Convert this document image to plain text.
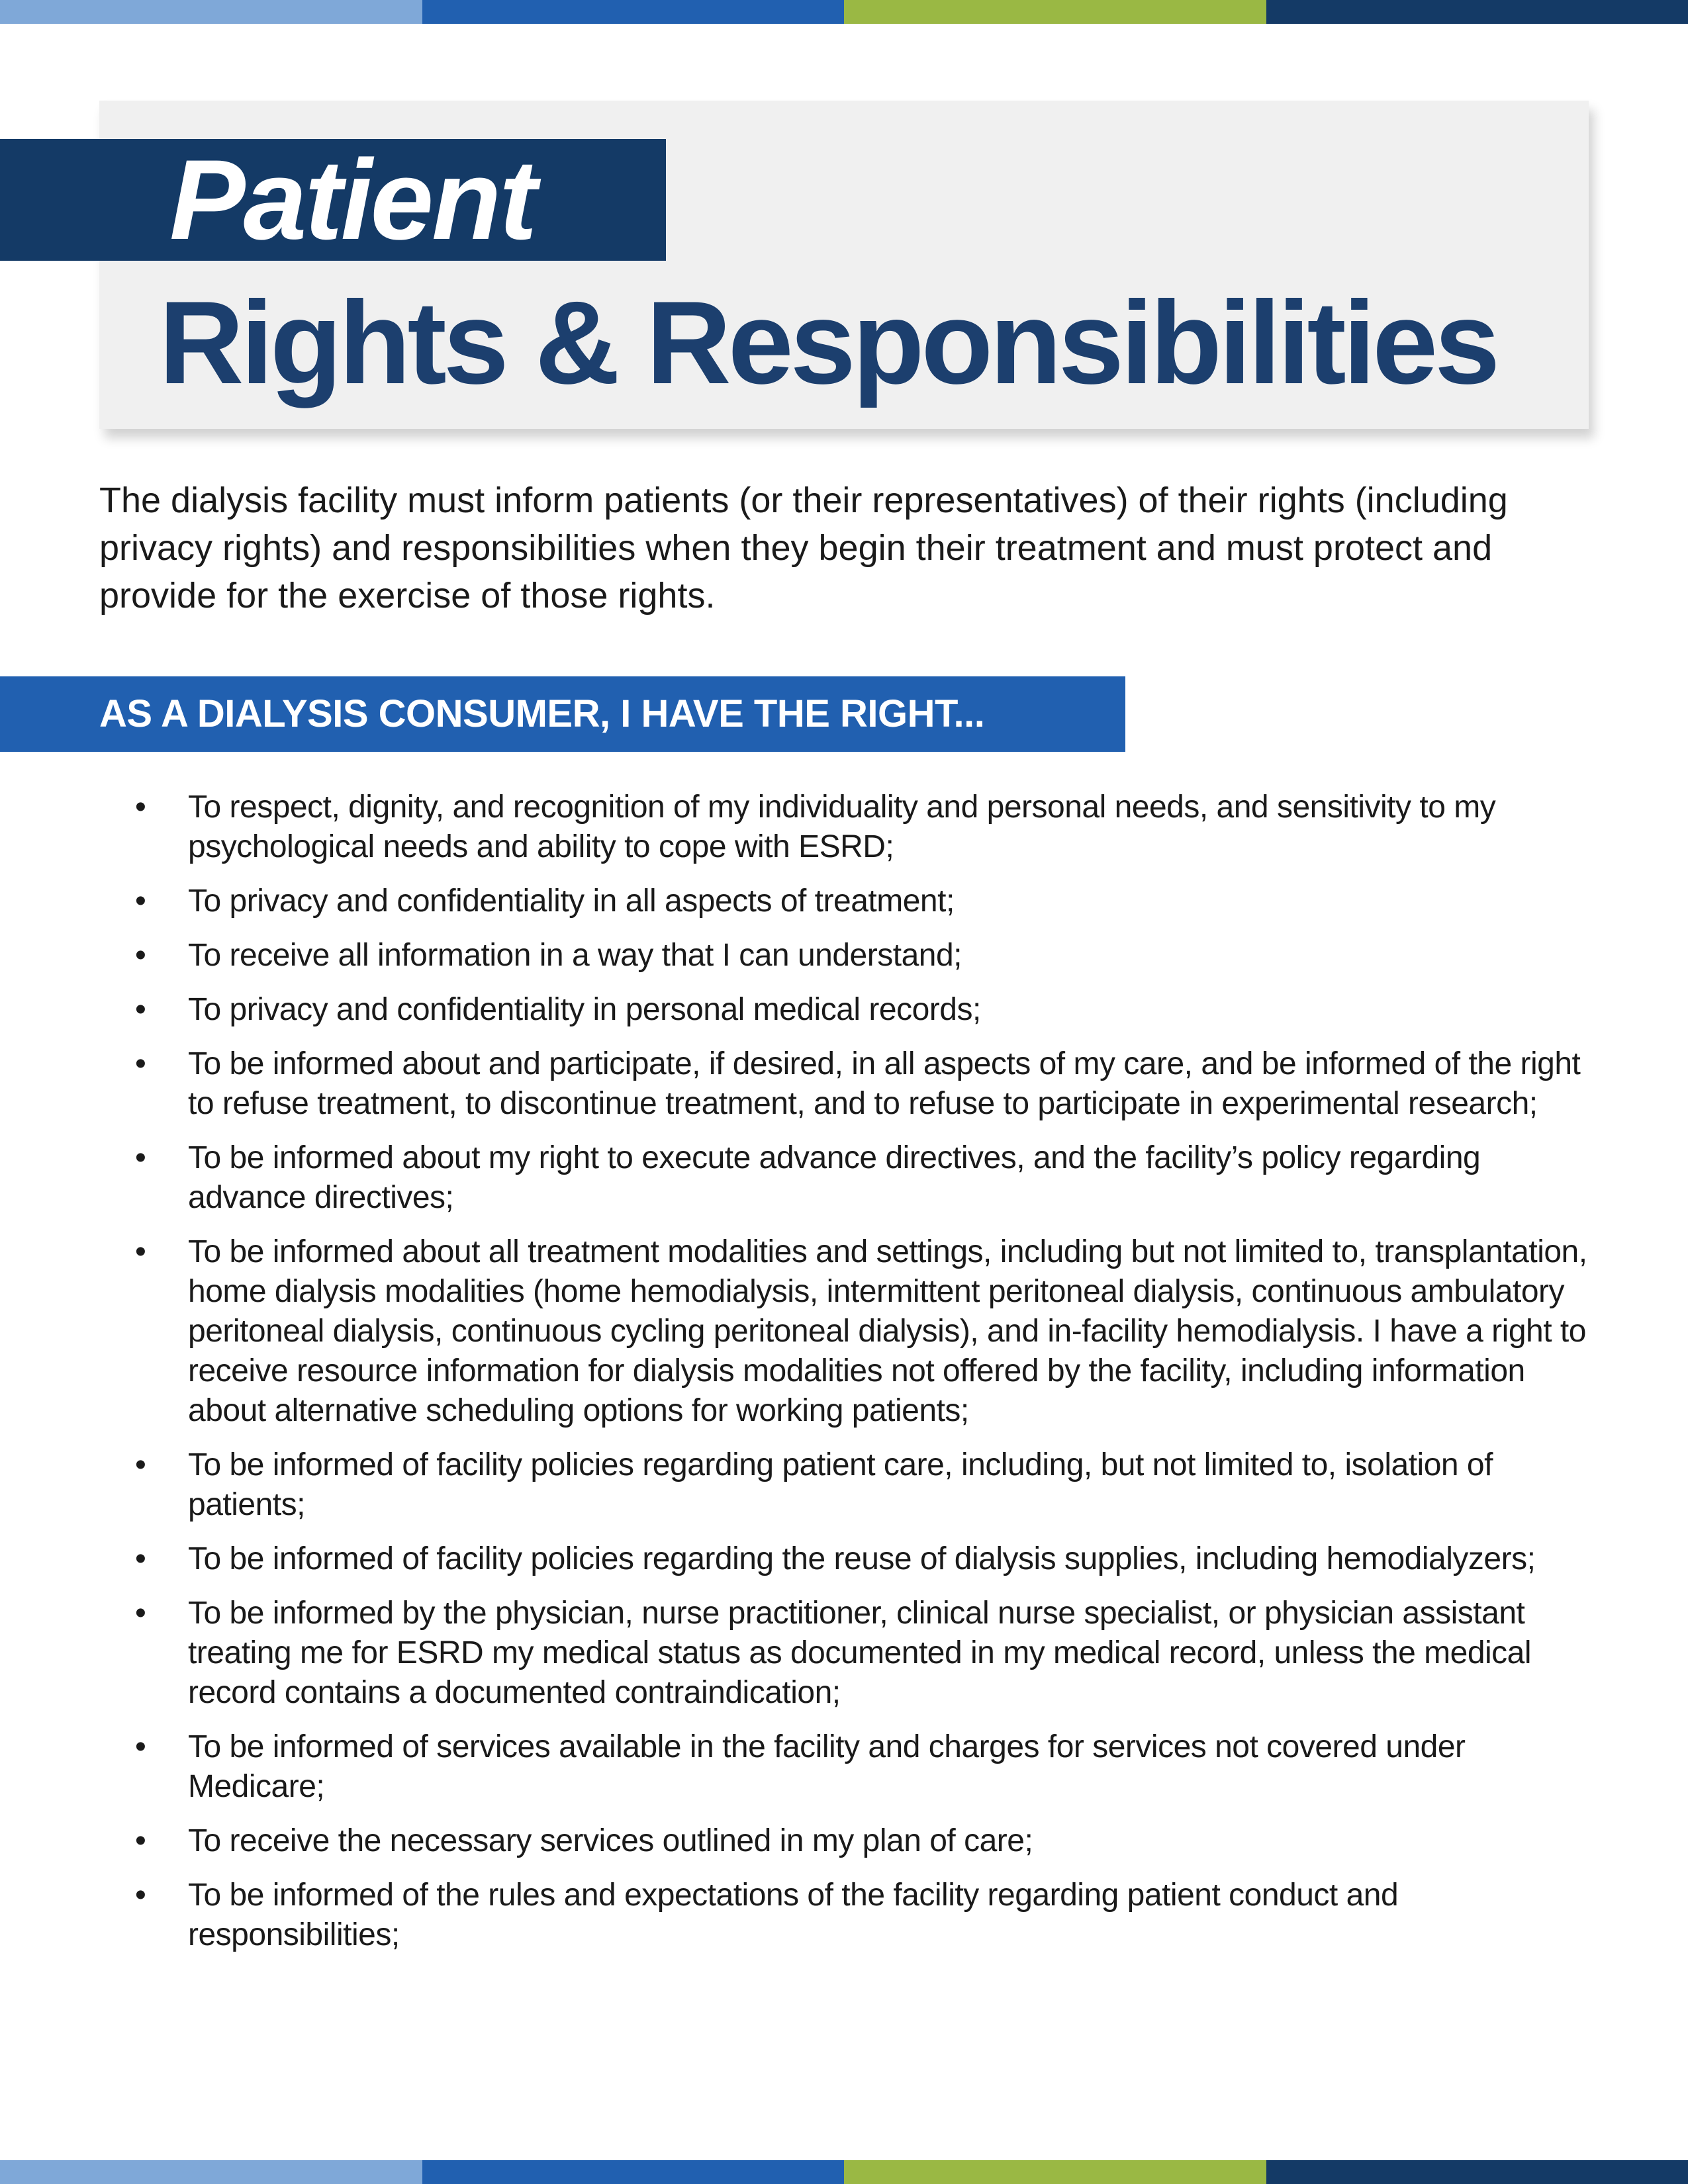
Patient
Rights & Responsibilities

The dialysis facility must inform patients (or their representatives) of their rights (including privacy rights) and responsibilities when they begin their treatment and must protect and provide for the exercise of those rights.

AS A DIALYSIS CONSUMER, I HAVE THE RIGHT...
• To respect, dignity, and recognition of my individuality and personal needs, and sensitivity to my psychological needs and ability to cope with ESRD;
• To privacy and confidentiality in all aspects of treatment;
• To receive all information in a way that I can understand;
• To privacy and confidentiality in personal medical records;
• To be informed about and participate, if desired, in all aspects of my care, and be informed of the right to refuse treatment, to discontinue treatment, and to refuse to participate in experimental research;
• To be informed about my right to execute advance directives, and the facility’s policy regarding advance directives;
• To be informed about all treatment modalities and settings, including but not limited to, transplantation, home dialysis modalities (home hemodialysis, intermittent peritoneal dialysis, continuous ambulatory peritoneal dialysis, continuous cycling peritoneal dialysis), and in-facility hemodialysis. I have a right to receive resource information for dialysis modalities not offered by the facility, including information about alternative scheduling options for working patients;
• To be informed of facility policies regarding patient care, including, but not limited to, isolation of patients;
• To be informed of facility policies regarding the reuse of dialysis supplies, including hemodialyzers;
• To be informed by the physician, nurse practitioner, clinical nurse specialist, or physician assistant treating me for ESRD my medical status as documented in my medical record, unless the medical record contains a documented contraindication;
• To be informed of services available in the facility and charges for services not covered under Medicare;
• To receive the necessary services outlined in my plan of care;
• To be informed of the rules and expectations of the facility regarding patient conduct and responsibilities;
